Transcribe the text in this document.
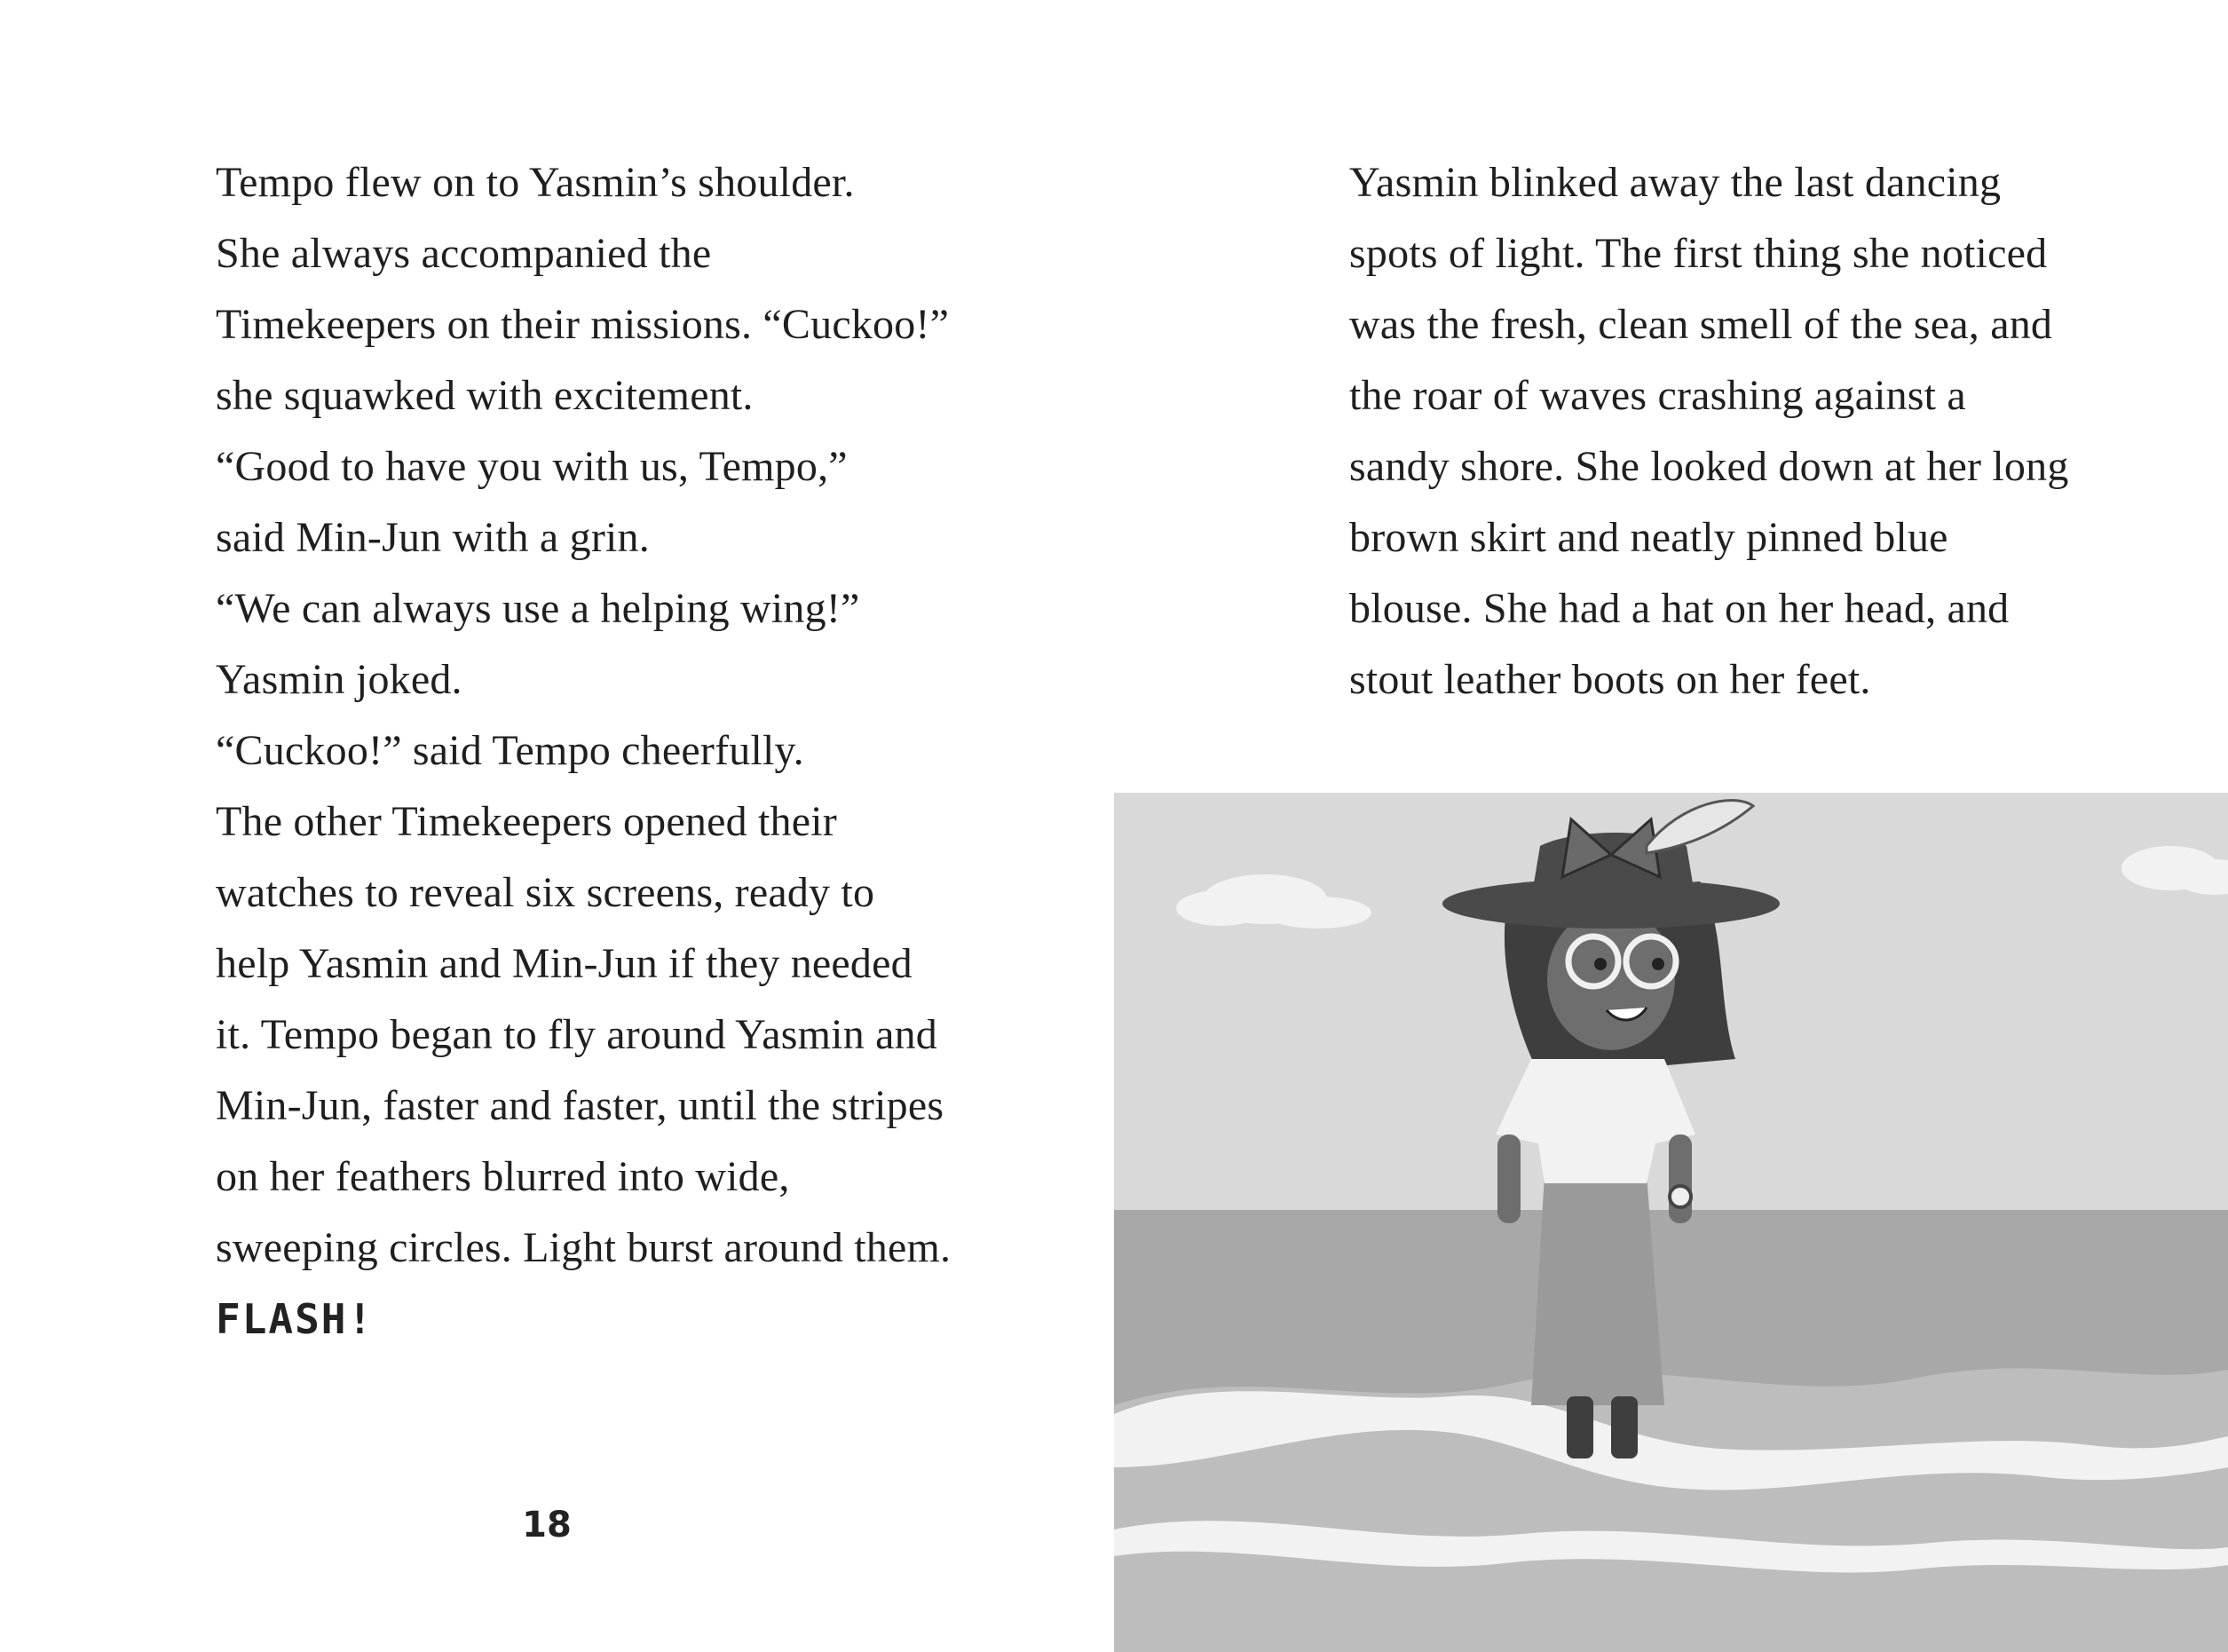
Tempo flew on to Yasmin’s shoulder.
She always accompanied the
Timekeepers on their missions. “Cuckoo!”
she squawked with excitement.

“Good to have you with us, Tempo,”
said Min-Jun with a grin.

“We can always use a helping wing!”
Yasmin joked.

“Cuckoo!” said Tempo cheerfully.

The other Timekeepers opened their
watches to reveal six screens, ready to
help Yasmin and Min-Jun if they needed
it. Tempo began to fly around Yasmin and
Min-Jun, faster and faster, until the stripes
on her feathers blurred into wide,
sweeping circles. Light burst around them.

FLASH!

18

Yasmin blinked away the last dancing
spots of light. The first thing she noticed
was the fresh, clean smell of the sea, and
the roar of waves crashing against a
sandy shore. She looked down at her long
brown skirt and neatly pinned blue
blouse. She had a hat on her head, and
stout leather boots on her feet.
